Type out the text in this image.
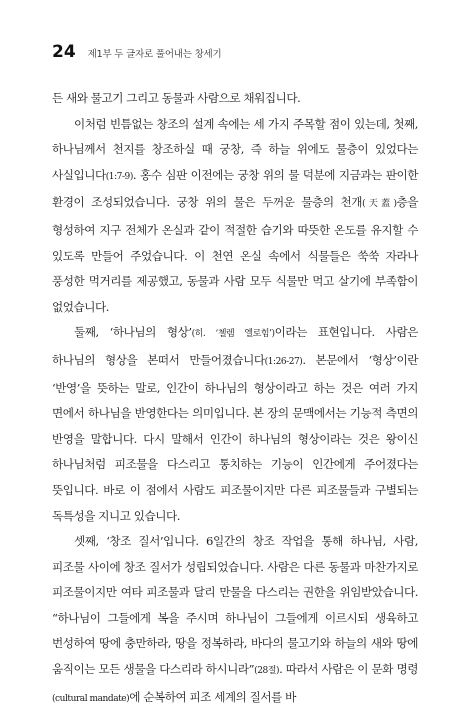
24 제1부 두 글자로 풀어내는 창세기

든 새와 물고기 그리고 동물과 사람으로 채워집니다.

이처럼 빈틈없는 창조의 설계 속에는 세 가지 주목할 점이 있는데, 첫째, 하나님께서 천지를 창조하실 때 궁창, 즉 하늘 위에도 물층이 있었다는 사실입니다(1:7-9). 홍수 심판 이전에는 궁창 위의 물 덕분에 지금과는 판이한 환경이 조성되었습니다. 궁창 위의 물은 두꺼운 물층의 천개(天蓋)층을 형성하여 지구 전체가 온실과 같이 적절한 습기와 따뜻한 온도를 유지할 수 있도록 만들어 주었습니다. 이 천연 온실 속에서 식물들은 쑥쑥 자라나 풍성한 먹거리를 제공했고, 동물과 사람 모두 식물만 먹고 살기에 부족함이 없었습니다.

둘째, ‘하나님의 형상’(히. ‘첼렘 엘로힘’)이라는 표현입니다. 사람은 하나님의 형상을 본떠서 만들어졌습니다(1:26-27). 본문에서 ‘형상’이란 ‘반영’을 뜻하는 말로, 인간이 하나님의 형상이라고 하는 것은 여러 가지 면에서 하나님을 반영한다는 의미입니다. 본 장의 문맥에서는 기능적 측면의 반영을 말합니다. 다시 말해서 인간이 하나님의 형상이라는 것은 왕이신 하나님처럼 피조물을 다스리고 통치하는 기능이 인간에게 주어졌다는 뜻입니다. 바로 이 점에서 사람도 피조물이지만 다른 피조물들과 구별되는 독특성을 지니고 있습니다.

셋째, ‘창조 질서’입니다. 6일간의 창조 작업을 통해 하나님, 사람, 피조물 사이에 창조 질서가 성립되었습니다. 사람은 다른 동물과 마찬가지로 피조물이지만 여타 피조물과 달리 만물을 다스리는 권한을 위임받았습니다. “하나님이 그들에게 복을 주시며 하나님이 그들에게 이르시되 생육하고 번성하여 땅에 충만하라, 땅을 정복하라, 바다의 물고기와 하늘의 새와 땅에 움직이는 모든 생물을 다스리라 하시니라”(28절). 따라서 사람은 이 문화 명령(cultural mandate)에 순복하여 피조 세계의 질서를 바
